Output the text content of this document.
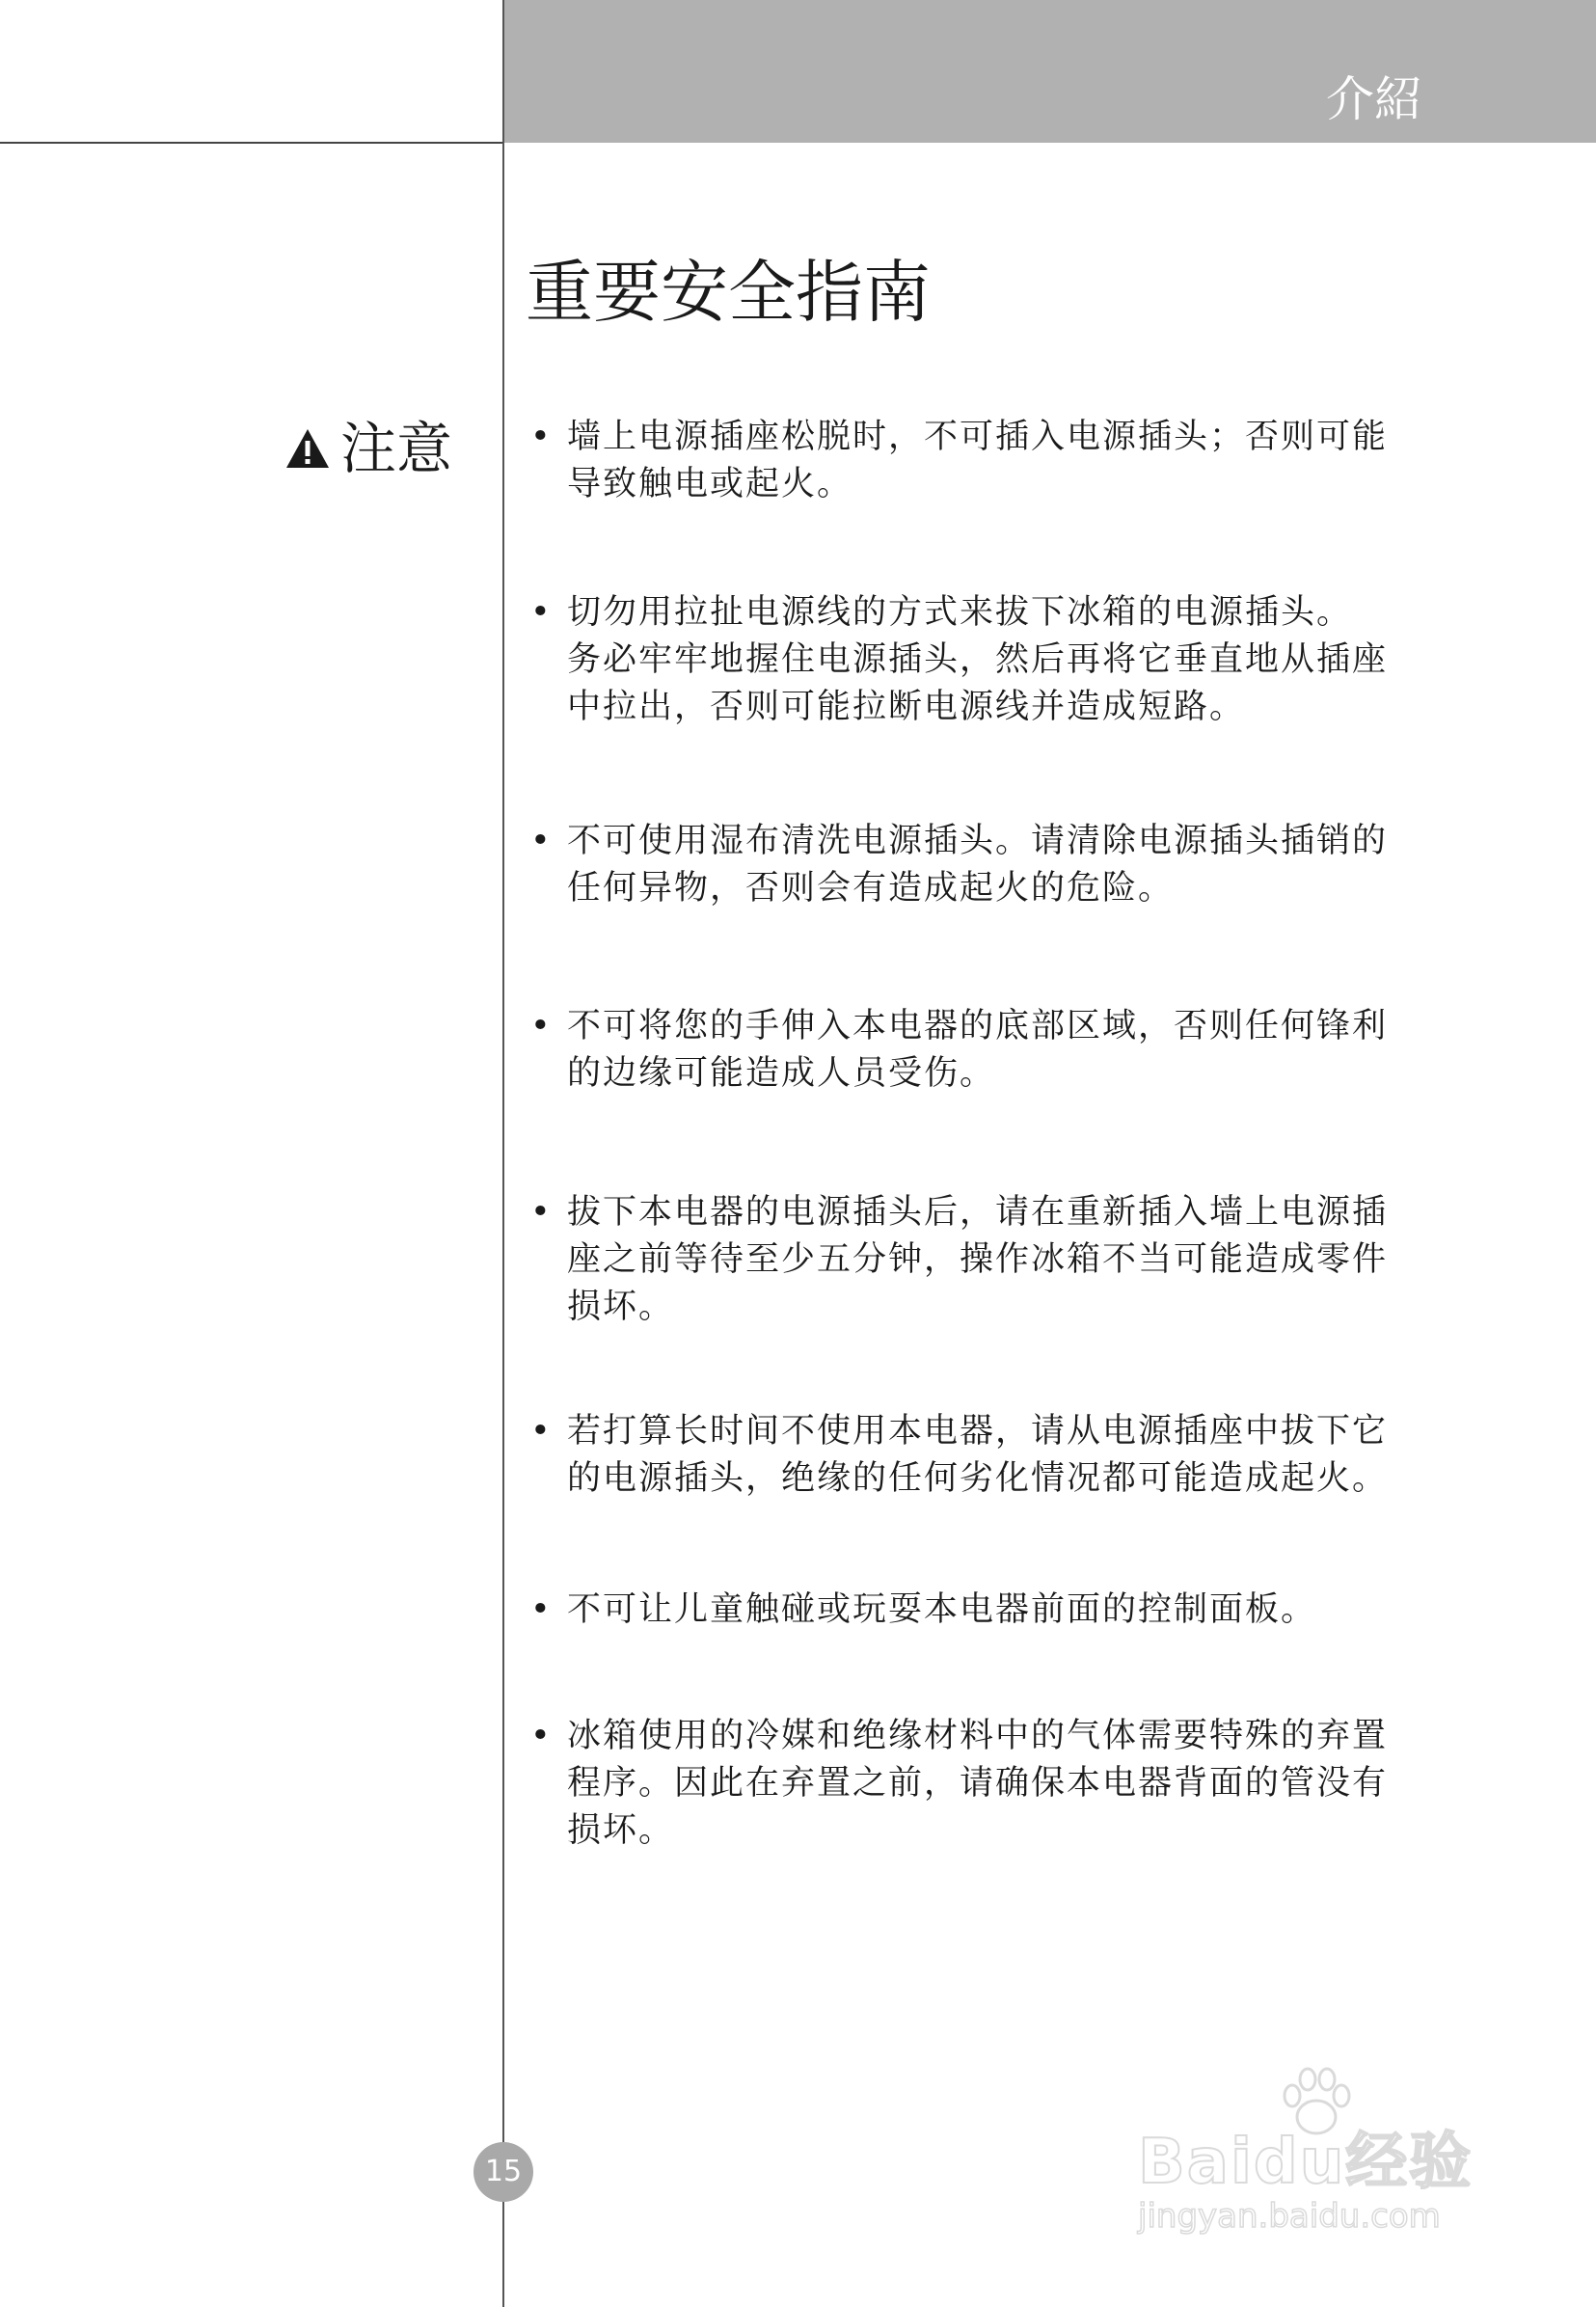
介紹
重要安全指南
注意 • 墙上电源插座松脱时，不可插入电源插头；否则可能
导致触电或起火。
• 切勿用拉扯电源线的方式来拔下冰箱的电源插头。
务必牢牢地握住电源插头，然后再将它垂直地从插座
中拉出，否则可能拉断电源线并造成短路。
• 不可使用湿布清洗电源插头。请清除电源插头插销的
任何异物，否则会有造成起火的危险。
• 不可将您的手伸入本电器的底部区域，否则任何锋利
的边缘可能造成人员受伤。
• 拔下本电器的电源插头后，请在重新插入墙上电源插
座之前等待至少五分钟，操作冰箱不当可能造成零件
损坏。
• 若打算长时间不使用本电器，请从电源插座中拔下它
的电源插头，绝缘的任何劣化情况都可能造成起火。
• 不可让儿童触碰或玩耍本电器前面的控制面板。
• 冰箱使用的冷媒和绝缘材料中的气体需要特殊的弃置
程序。因此在弃置之前，请确保本电器背面的管没有
损坏。
15	Baidu经验
jingyan.baidu.com
